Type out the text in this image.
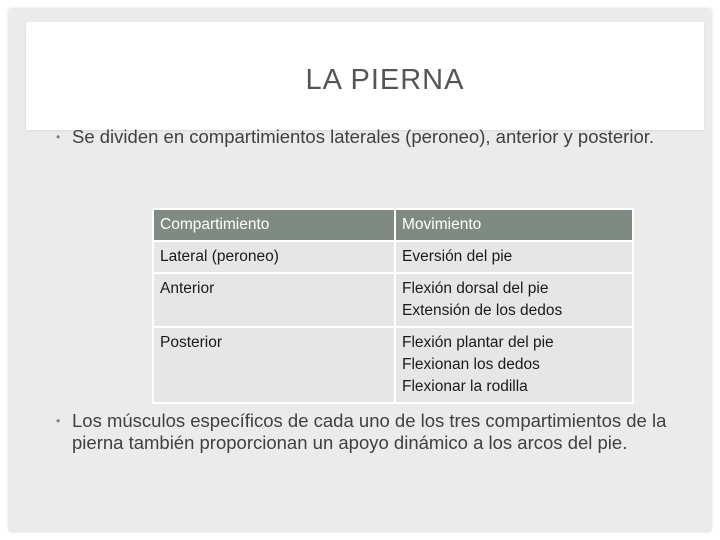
LA PIERNA
• Se dividen en compartimientos laterales (peroneo), anterior y posterior.
Compartimiento	Movimiento
Lateral (peroneo)	Eversión del pie

Anterior	Flexión dorsal del pie
Extensión de los dedos

Posterior	Flexión plantar del pie
Flexionan los dedos
Flexionar la rodilla
• Los músculos específicos de cada uno de los tres compartimientos de la pierna también proporcionan un apoyo dinámico a los arcos del pie.
